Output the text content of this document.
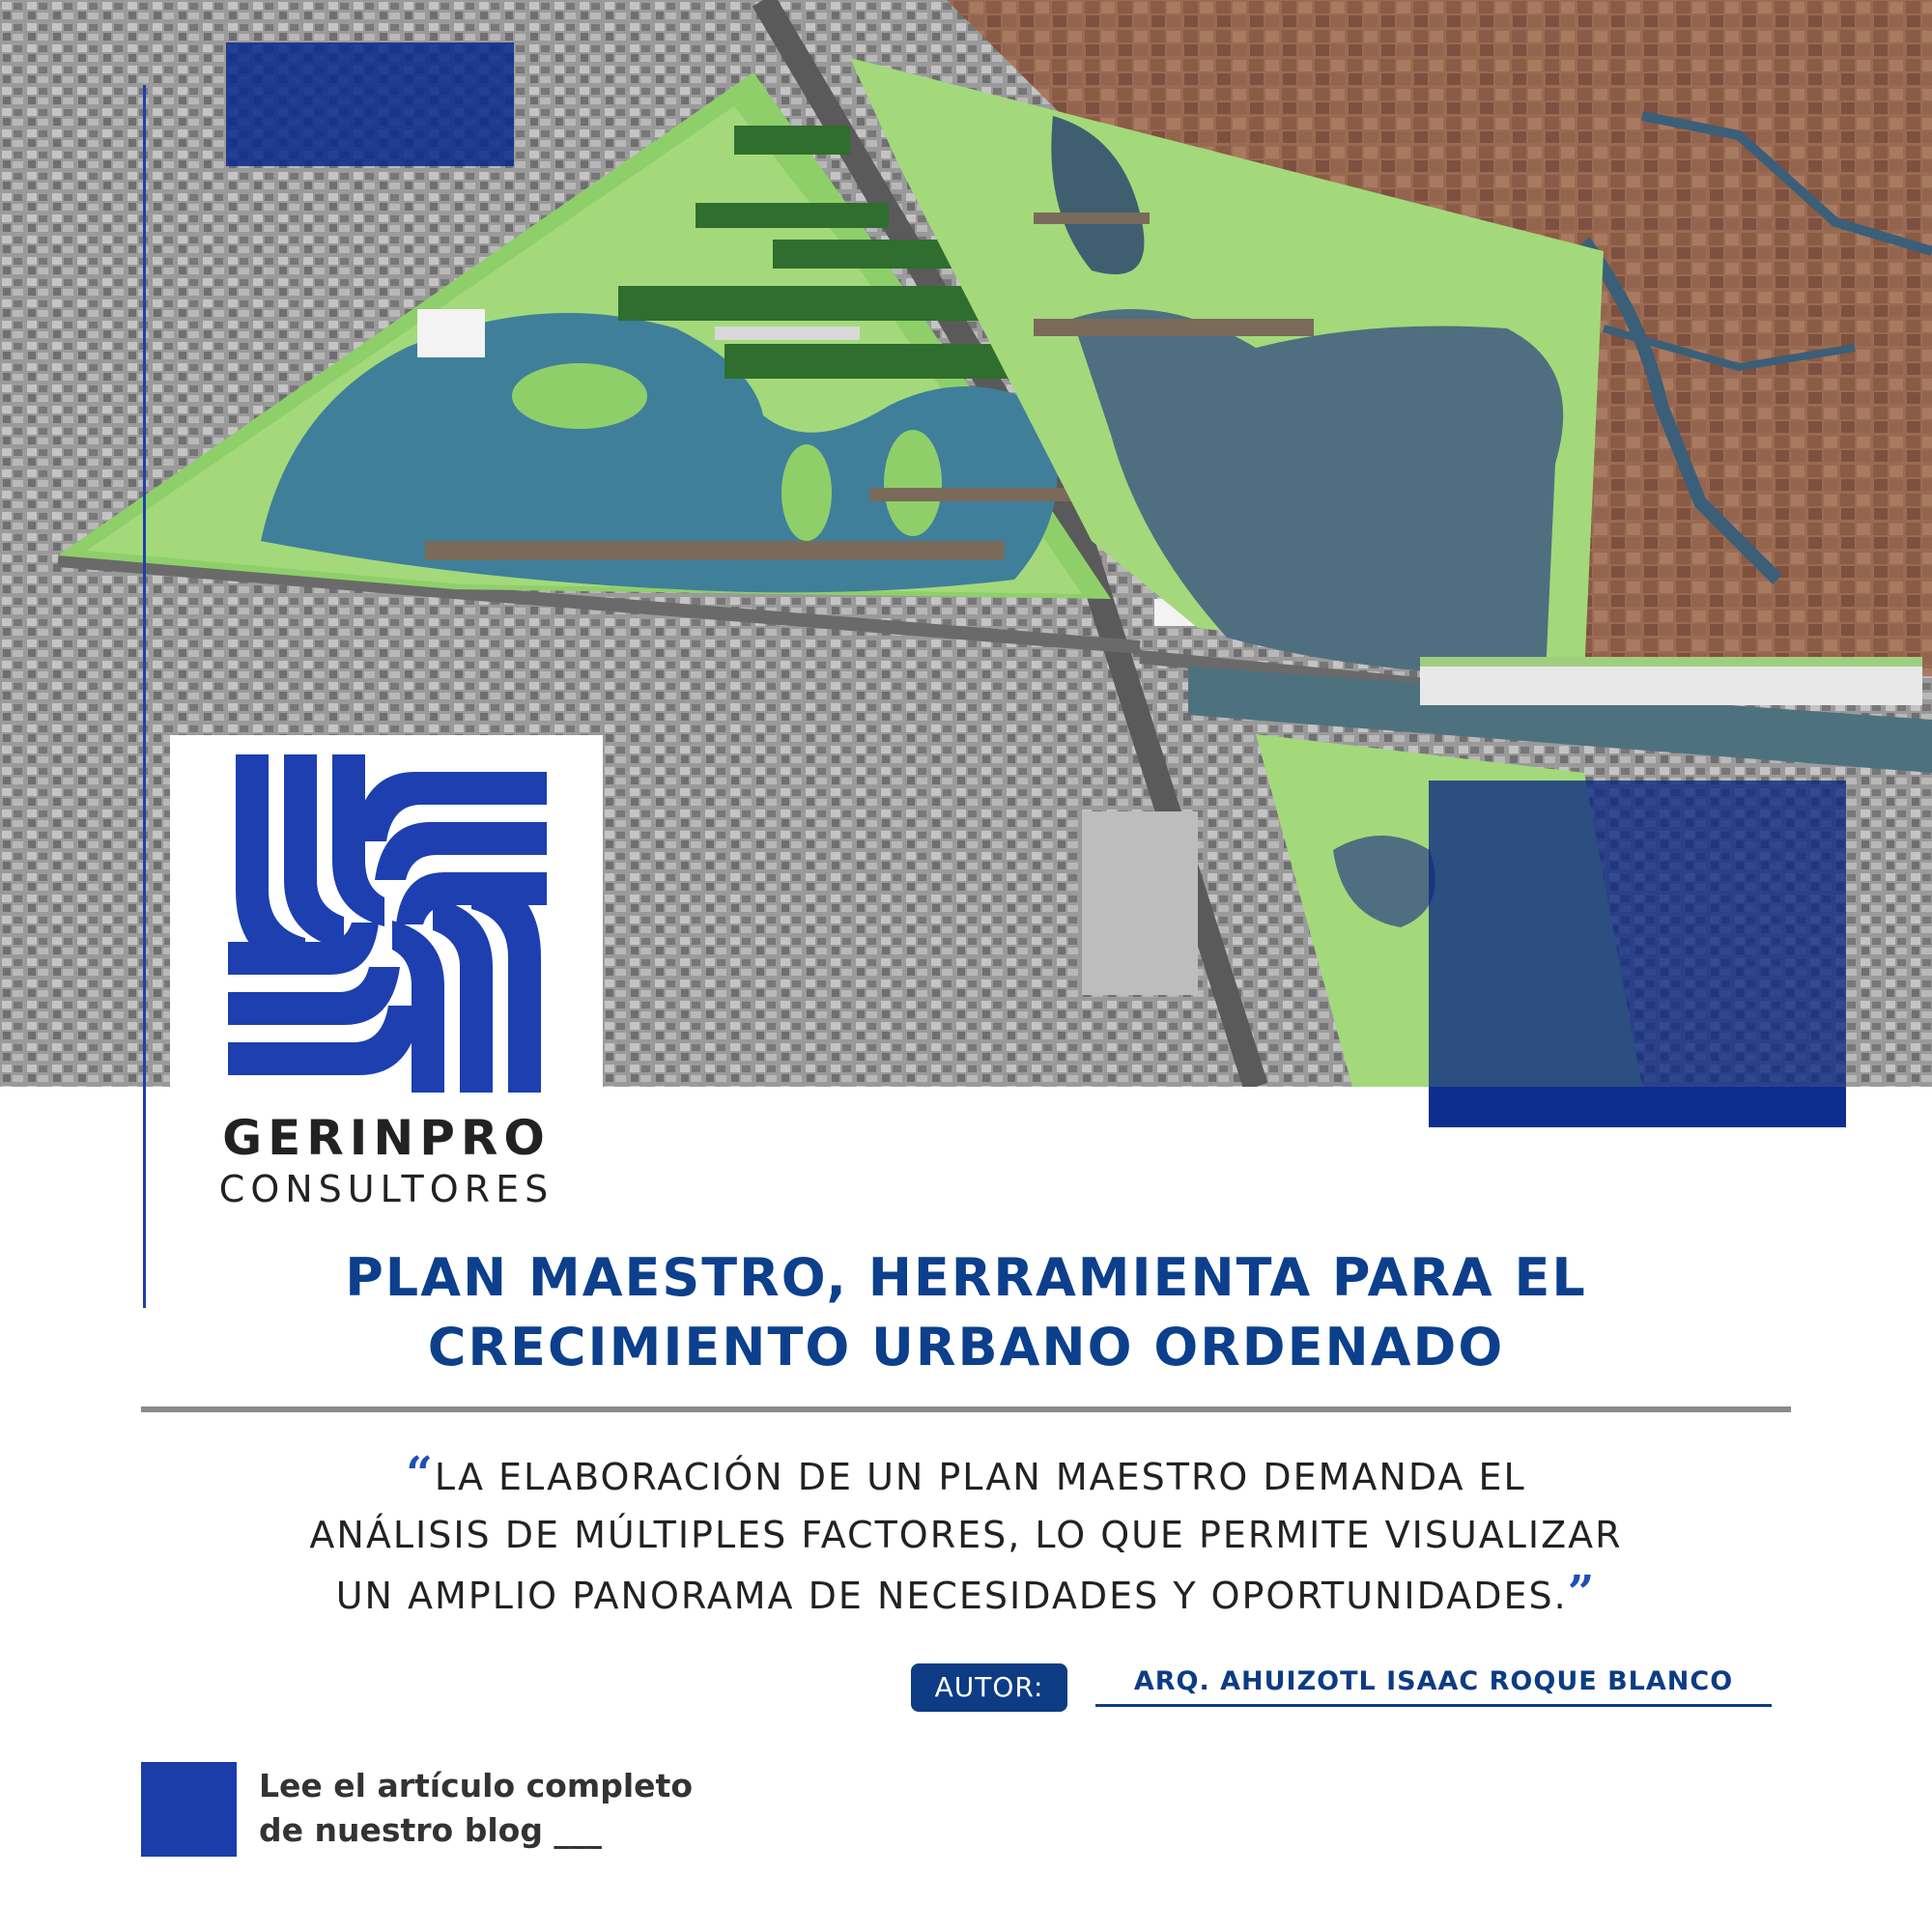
GERINPRO
CONSULTORES
PLAN MAESTRO, HERRAMIENTA PARA EL
CRECIMIENTO URBANO ORDENADO
“LA ELABORACIÓN DE UN PLAN MAESTRO DEMANDA EL
ANÁLISIS DE MÚLTIPLES FACTORES, LO QUE PERMITE VISUALIZAR
UN AMPLIO PANORAMA DE NECESIDADES Y OPORTUNIDADES.”
AUTOR:	ARQ. AHUIZOTL ISAAC ROQUE BLANCO
Lee el artículo completo
de nuestro blog ___
